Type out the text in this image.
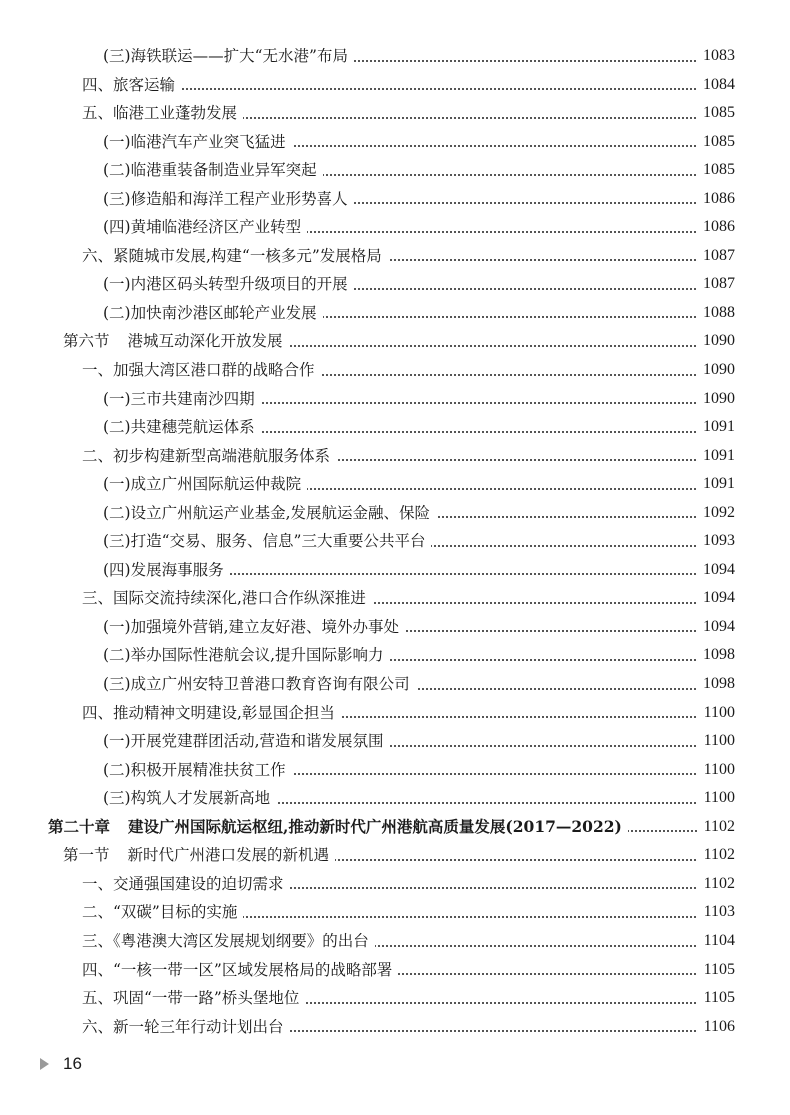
(三)海铁联运——扩大“无水港”布局	1083
四、旅客运输	1084
五、临港工业蓬勃发展	1085
(一)临港汽车产业突飞猛进	1085
(二)临港重装备制造业异军突起	1085
(三)修造船和海洋工程产业形势喜人	1086
(四)黄埔临港经济区产业转型	1086
六、紧随城市发展,构建“一核多元”发展格局	1087
(一)内港区码头转型升级项目的开展	1087
(二)加快南沙港区邮轮产业发展	1088
第六节 港城互动深化开放发展	1090
一、加强大湾区港口群的战略合作	1090
(一)三市共建南沙四期	1090
(二)共建穗莞航运体系	1091
二、初步构建新型高端港航服务体系	1091
(一)成立广州国际航运仲裁院	1091
(二)设立广州航运产业基金,发展航运金融、保险	1092
(三)打造“交易、服务、信息”三大重要公共平台	1093
(四)发展海事服务	1094
三、国际交流持续深化,港口合作纵深推进	1094
(一)加强境外营销,建立友好港、境外办事处	1094
(二)举办国际性港航会议,提升国际影响力	1098
(三)成立广州安特卫普港口教育咨询有限公司	1098
四、推动精神文明建设,彰显国企担当	1100
(一)开展党建群团活动,营造和谐发展氛围	1100
(二)积极开展精准扶贫工作	1100
(三)构筑人才发展新高地	1100
第二十章 建设广州国际航运枢纽,推动新时代广州港航高质量发展(2017—2022)	1102
第一节 新时代广州港口发展的新机遇	1102
一、交通强国建设的迫切需求	1102
二、“双碳”目标的实施	1103
三、《粤港澳大湾区发展规划纲要》的出台	1104
四、“一核一带一区”区域发展格局的战略部署	1105
五、巩固“一带一路”桥头堡地位	1105
六、新一轮三年行动计划出台	1106
16
